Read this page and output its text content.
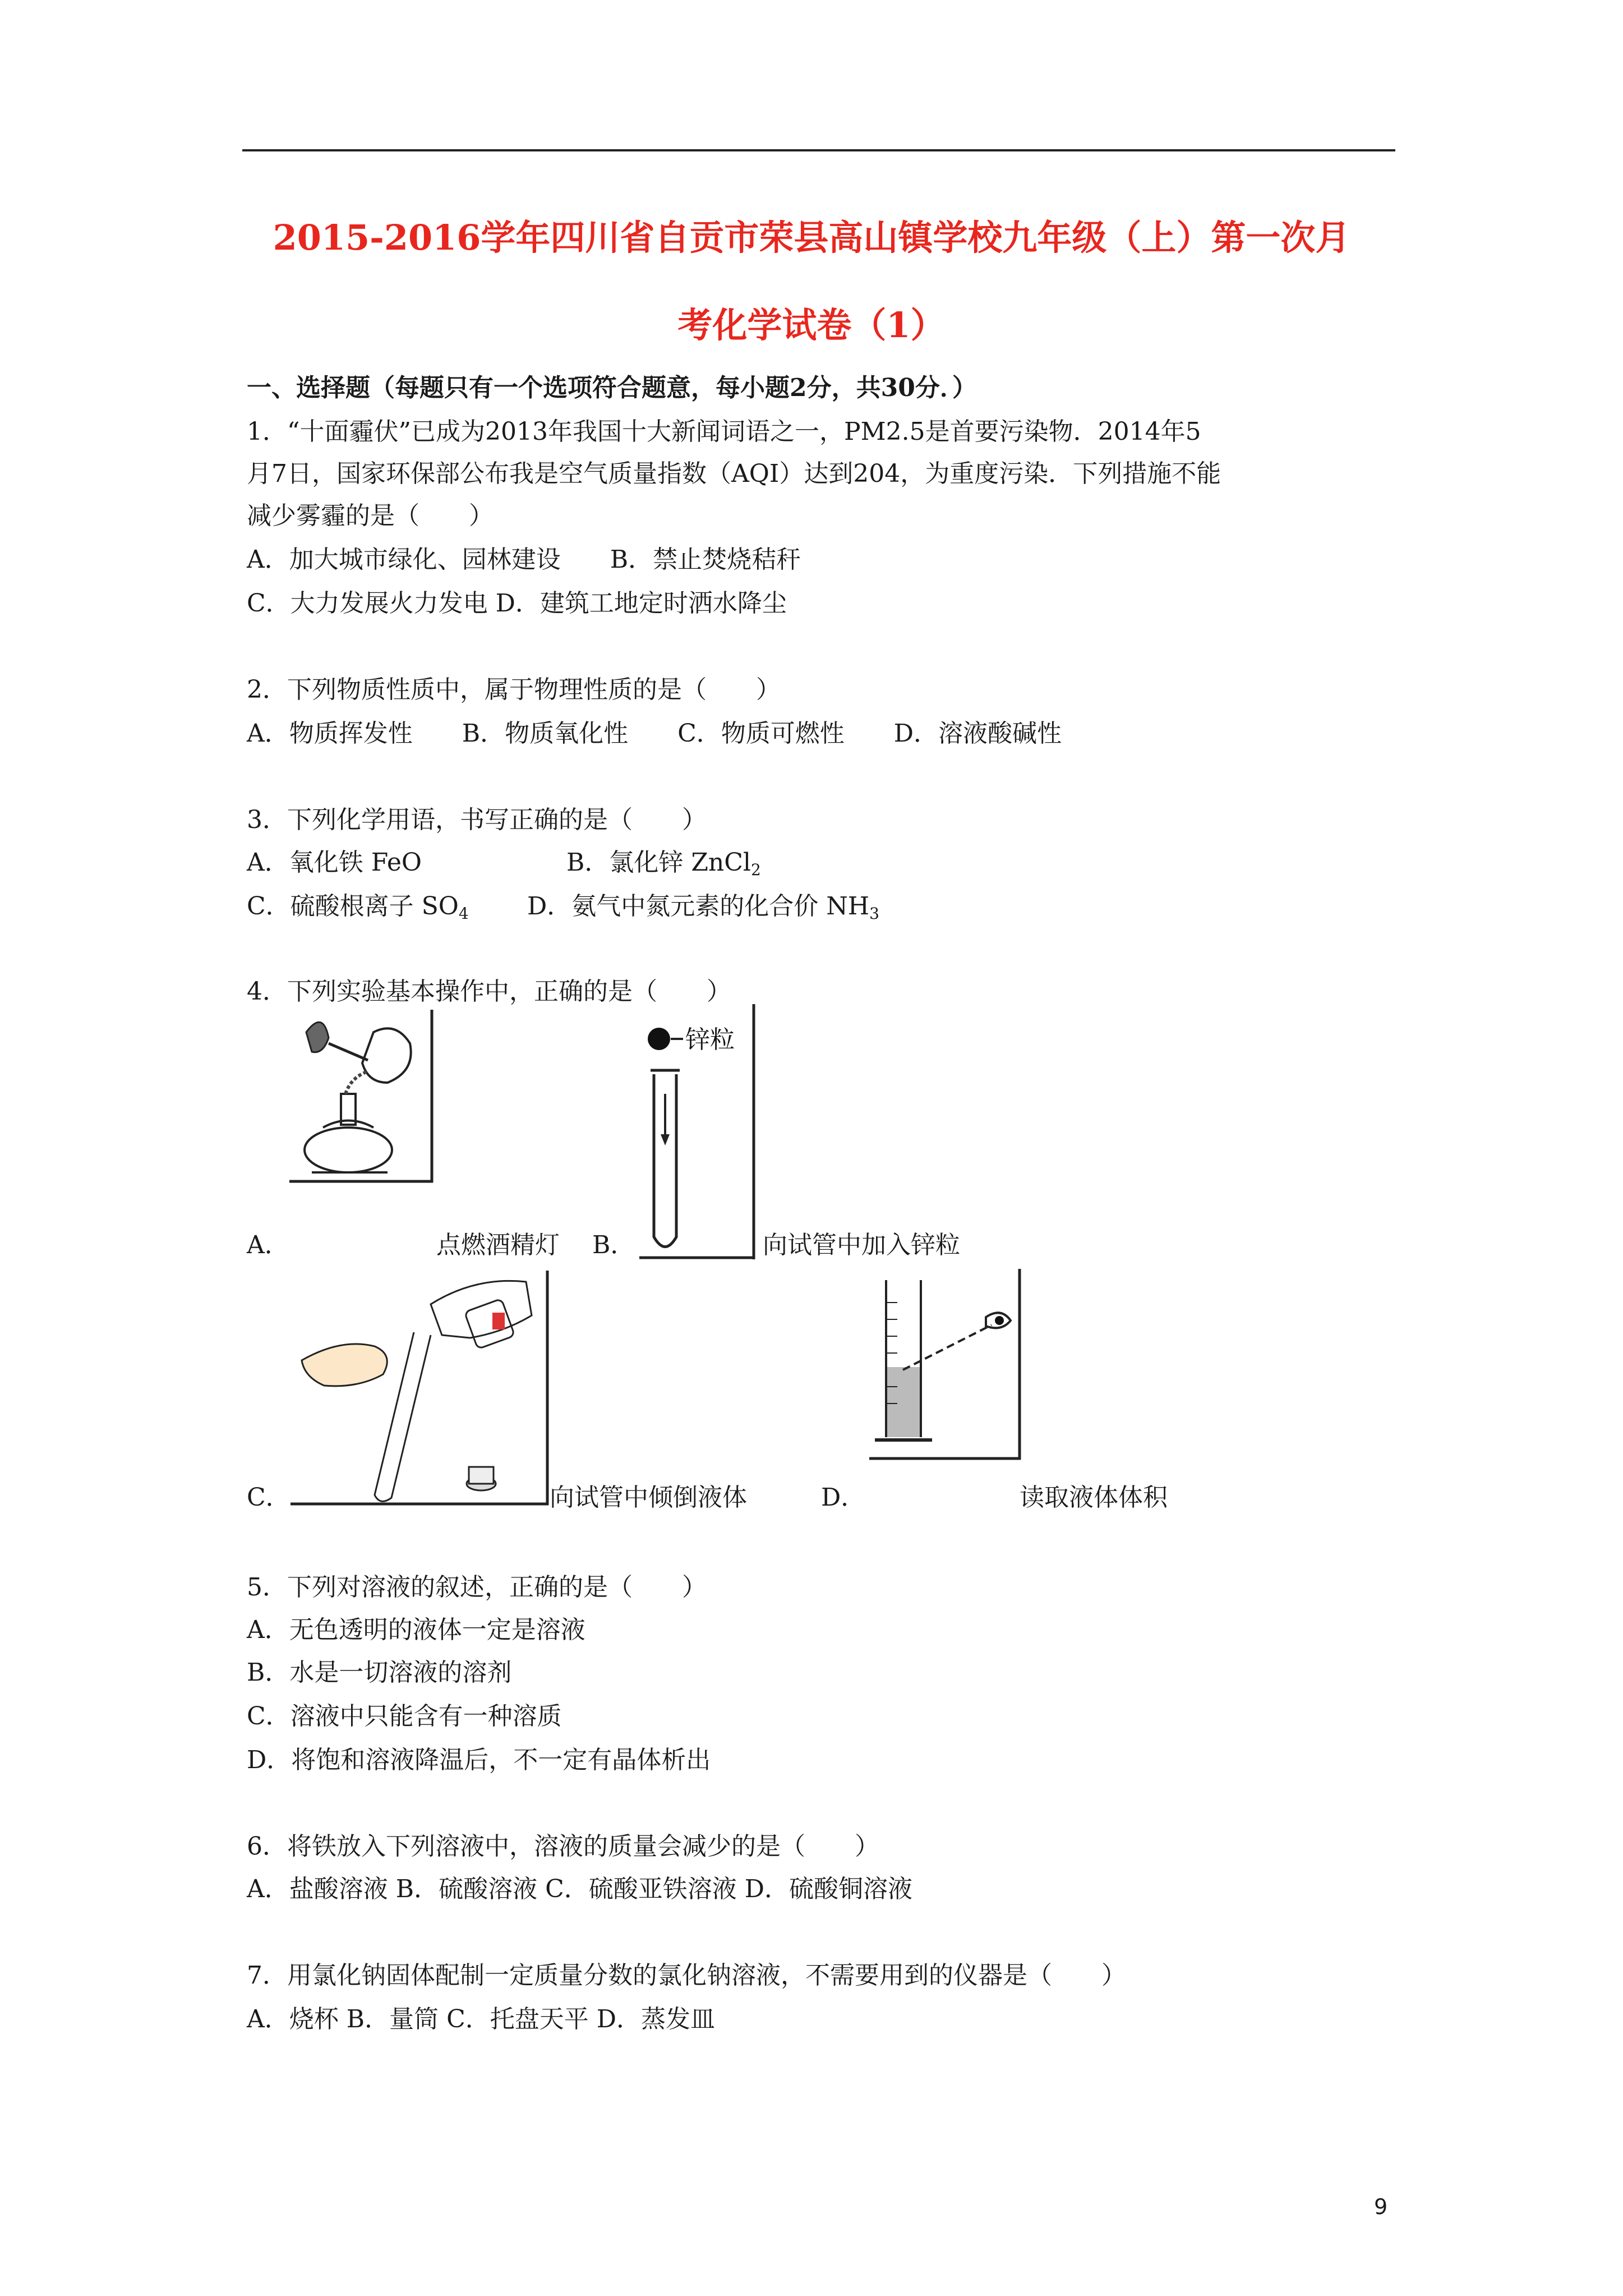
2015-2016学年四川省自贡市荣县高山镇学校九年级（上）第一次月
考化学试卷（1）
一、选择题（每题只有一个选项符合题意，每小题2分，共30分．）
1．“十面霾伏”已成为2013年我国十大新闻词语之一，PM2.5是首要污染物．2014年5
月7日，国家环保部公布我是空气质量指数（AQI）达到204，为重度污染．下列措施不能
减少雾霾的是（　　）
A．加大城市绿化、园林建设　　B．禁止焚烧秸秆
C．大力发展火力发电 D．建筑工地定时洒水降尘
2．下列物质性质中，属于物理性质的是（　　）
A．物质挥发性　　B．物质氧化性　　C．物质可燃性　　D．溶液酸碱性
3．下列化学用语，书写正确的是（　　）
A．氧化铁 FeO	B．氯化锌 ZnCl$_2$
C．硫酸根离子 $SO_4$ D．氨气中氮元素的化合价 $NH_3$
4．下列实验基本操作中，正确的是（　　）
A．	点燃酒精灯
锌粒
B．	向试管中加入锌粒
C．	向试管中倾倒液体	D．	读取液体体积
5．下列对溶液的叙述，正确的是（　　）
A．无色透明的液体一定是溶液
B．水是一切溶液的溶剂
C．溶液中只能含有一种溶质
D．将饱和溶液降温后，不一定有晶体析出
6．将铁放入下列溶液中，溶液的质量会减少的是（　　）
A．盐酸溶液 B．硫酸溶液 C．硫酸亚铁溶液 D．硫酸铜溶液
7．用氯化钠固体配制一定质量分数的氯化钠溶液，不需要用到的仪器是（　　）
A．烧杯 B．量筒 C．托盘天平 D．蒸发皿
9
